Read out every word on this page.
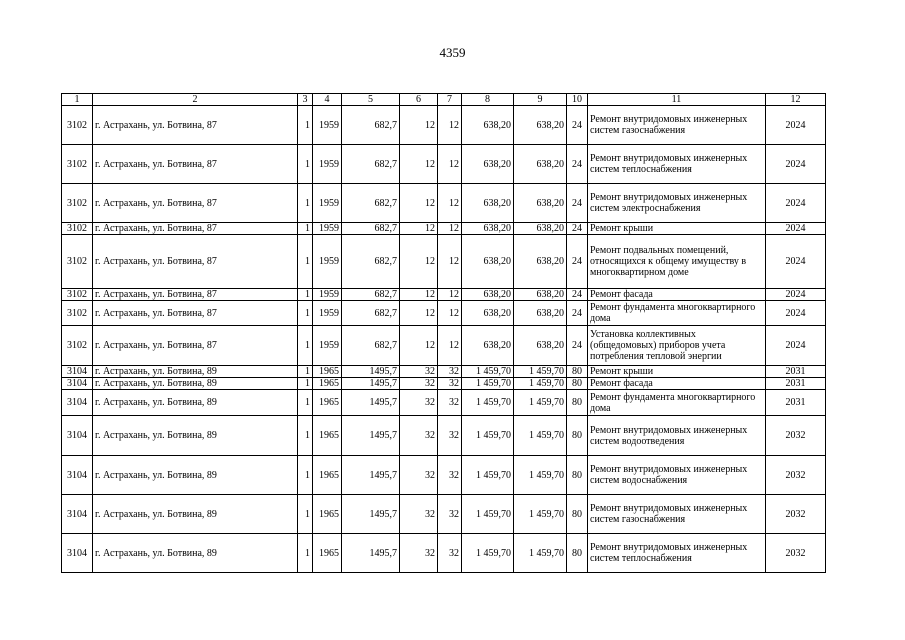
4359
1	2	3	4	5	6	7	8	9	10	11	12
3102	г. Астрахань, ул. Ботвина, 87	1	1959	682,7	12	12	638,20	638,20	24	Ремонт внутридомовых инженерных систем газоснабжения	2024
3102	г. Астрахань, ул. Ботвина, 87	1	1959	682,7	12	12	638,20	638,20	24	Ремонт внутридомовых инженерных систем теплоснабжения	2024
3102	г. Астрахань, ул. Ботвина, 87	1	1959	682,7	12	12	638,20	638,20	24	Ремонт внутридомовых инженерных систем электроснабжения	2024
3102	г. Астрахань, ул. Ботвина, 87	1	1959	682,7	12	12	638,20	638,20	24	Ремонт крыши	2024
3102	г. Астрахань, ул. Ботвина, 87	1	1959	682,7	12	12	638,20	638,20	24	Ремонт подвальных помещений, относящихся к общему имуществу в многоквартирном доме	2024
3102	г. Астрахань, ул. Ботвина, 87	1	1959	682,7	12	12	638,20	638,20	24	Ремонт фасада	2024
3102	г. Астрахань, ул. Ботвина, 87	1	1959	682,7	12	12	638,20	638,20	24	Ремонт фундамента многоквартирного дома	2024
3102	г. Астрахань, ул. Ботвина, 87	1	1959	682,7	12	12	638,20	638,20	24	Установка коллективных (общедомовых) приборов учета потребления тепловой энергии	2024
3104	г. Астрахань, ул. Ботвина, 89	1	1965	1495,7	32	32	1 459,70	1 459,70	80	Ремонт крыши	2031
3104	г. Астрахань, ул. Ботвина, 89	1	1965	1495,7	32	32	1 459,70	1 459,70	80	Ремонт фасада	2031
3104	г. Астрахань, ул. Ботвина, 89	1	1965	1495,7	32	32	1 459,70	1 459,70	80	Ремонт фундамента многоквартирного дома	2031
3104	г. Астрахань, ул. Ботвина, 89	1	1965	1495,7	32	32	1 459,70	1 459,70	80	Ремонт внутридомовых инженерных систем водоотведения	2032
3104	г. Астрахань, ул. Ботвина, 89	1	1965	1495,7	32	32	1 459,70	1 459,70	80	Ремонт внутридомовых инженерных систем водоснабжения	2032
3104	г. Астрахань, ул. Ботвина, 89	1	1965	1495,7	32	32	1 459,70	1 459,70	80	Ремонт внутридомовых инженерных систем газоснабжения	2032
3104	г. Астрахань, ул. Ботвина, 89	1	1965	1495,7	32	32	1 459,70	1 459,70	80	Ремонт внутридомовых инженерных систем теплоснабжения	2032
